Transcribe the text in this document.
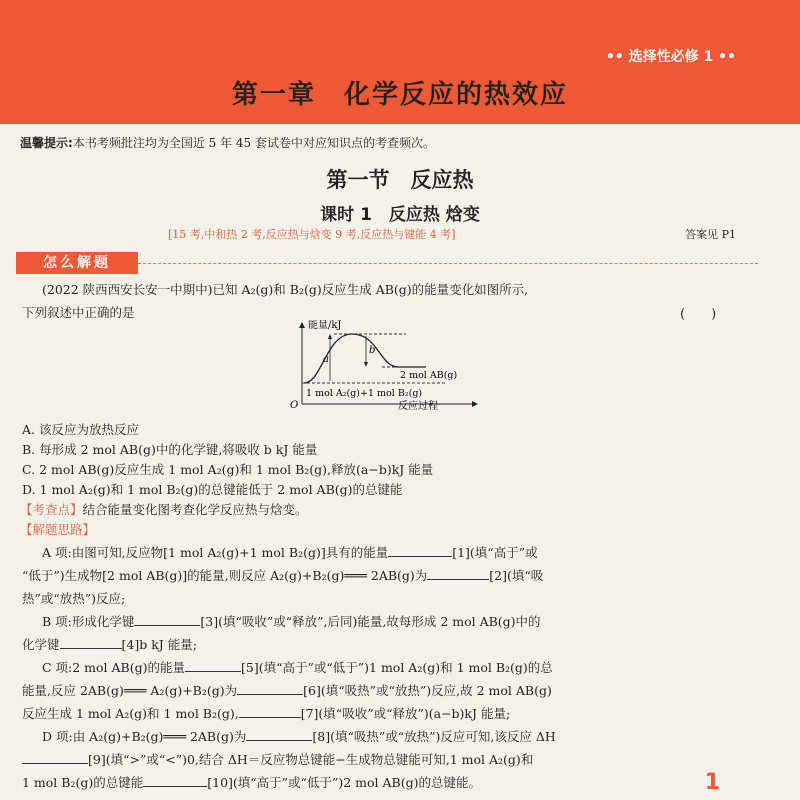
•• 选择性必修 1 ••
第一章　化学反应的热效应
温馨提示:本书考频批注均为全国近 5 年 45 套试卷中对应知识点的考查频次。
第一节　反应热
课时 1　反应热 焓变
[15 考,中和热 2 考,反应热与焓变 9 考,反应热与键能 4 考]	答案见 P1
怎么解题
(2022 陕西西安长安一中期中)已知 A₂(g)和 B₂(g)反应生成 AB(g)的能量变化如图所示,
下列叙述中正确的是	(　　)
能量/kJ
a
b
2 mol AB(g)
1 mol A₂(g)+1 mol B₂(g)
O	反应过程
A. 该反应为放热反应
B. 每形成 2 mol AB(g)中的化学键,将吸收 b kJ 能量
C. 2 mol AB(g)反应生成 1 mol A₂(g)和 1 mol B₂(g),释放(a−b)kJ 能量
D. 1 mol A₂(g)和 1 mol B₂(g)的总键能低于 2 mol AB(g)的总键能
【考查点】结合能量变化图考查化学反应热与焓变。
【解题思路】
A 项:由图可知,反应物[1 mol A₂(g)+1 mol B₂(g)]具有的能量	[1](填“高于”或
“低于”)生成物[2 mol AB(g)]的能量,则反应 A₂(g)+B₂(g)═══ 2AB(g)为	[2](填“吸
热”或“放热”)反应;
B 项:形成化学键	[3](填“吸收”或“释放”,后同)能量,故每形成 2 mol AB(g)中的
化学键	[4]b kJ 能量;
C 项:2 mol AB(g)的能量	[5](填“高于”或“低于”)1 mol A₂(g)和 1 mol B₂(g)的总
能量,反应 2AB(g)═══ A₂(g)+B₂(g)为	[6](填“吸热”或“放热”)反应,故 2 mol AB(g)
反应生成 1 mol A₂(g)和 1 mol B₂(g),	[7](填“吸收”或“释放”)(a−b)kJ 能量;
D 项:由 A₂(g)+B₂(g)═══ 2AB(g)为	[8](填“吸热”或“放热”)反应可知,该反应 ΔH
[9](填“>”或“<”)0,结合 ΔH＝反应物总键能−生成物总键能可知,1 mol A₂(g)和
1 mol B₂(g)的总键能	[10](填“高于”或“低于”)2 mol AB(g)的总键能。	1
